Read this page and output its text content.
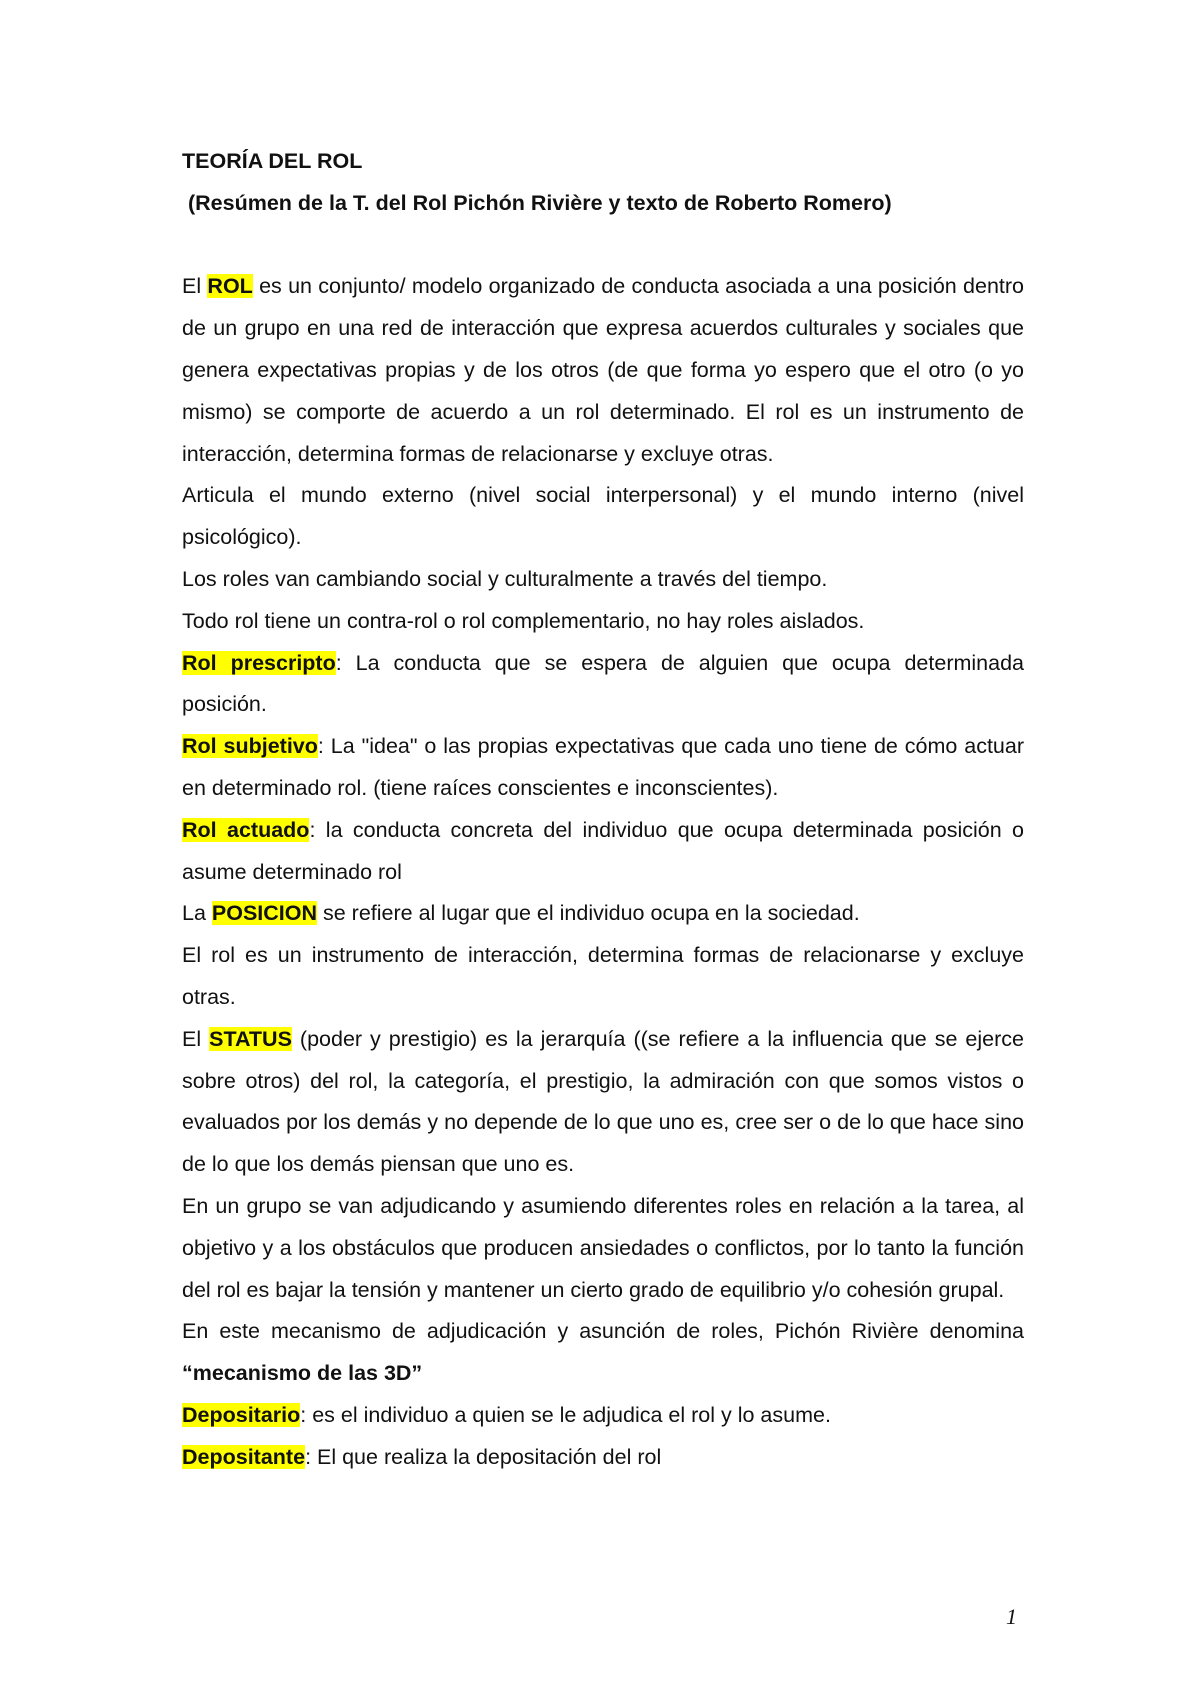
TEORÍA DEL ROL

(Resúmen de la T. del Rol Pichón Rivière y texto de Roberto Romero)

El ROL es un conjunto/ modelo organizado de conducta asociada a una posición dentro de un grupo en una red de interacción que expresa acuerdos culturales y sociales que genera expectativas propias y de los otros (de que forma yo espero que el otro (o yo mismo) se comporte de acuerdo a un rol determinado. El rol es un instrumento de interacción, determina formas de relacionarse y excluye otras.

Articula el mundo externo (nivel social interpersonal) y el mundo interno (nivel psicológico).

Los roles van cambiando social y culturalmente a través del tiempo.

Todo rol tiene un contra-rol o rol complementario, no hay roles aislados.

Rol prescripto: La conducta que se espera de alguien que ocupa determinada posición.

Rol subjetivo: La "idea" o las propias expectativas que cada uno tiene de cómo actuar en determinado rol. (tiene raíces conscientes e inconscientes).

Rol actuado: la conducta concreta del individuo que ocupa determinada posición o asume determinado rol

La POSICION se refiere al lugar que el individuo ocupa en la sociedad.

El rol es un instrumento de interacción, determina formas de relacionarse y excluye otras.

El STATUS (poder y prestigio) es la jerarquía ((se refiere a la influencia que se ejerce sobre otros) del rol, la categoría, el prestigio, la admiración con que somos vistos o evaluados por los demás y no depende de lo que uno es, cree ser o de lo que hace sino de lo que los demás piensan que uno es.

En un grupo se van adjudicando y asumiendo diferentes roles en relación a la tarea, al objetivo y a los obstáculos que producen ansiedades o conflictos, por lo tanto la función del rol es bajar la tensión y mantener un cierto grado de equilibrio y/o cohesión grupal.

En este mecanismo de adjudicación y asunción de roles, Pichón Rivière denomina “mecanismo de las 3D”

Depositario: es el individuo a quien se le adjudica el rol y lo asume.

Depositante: El que realiza la depositación del rol

1
